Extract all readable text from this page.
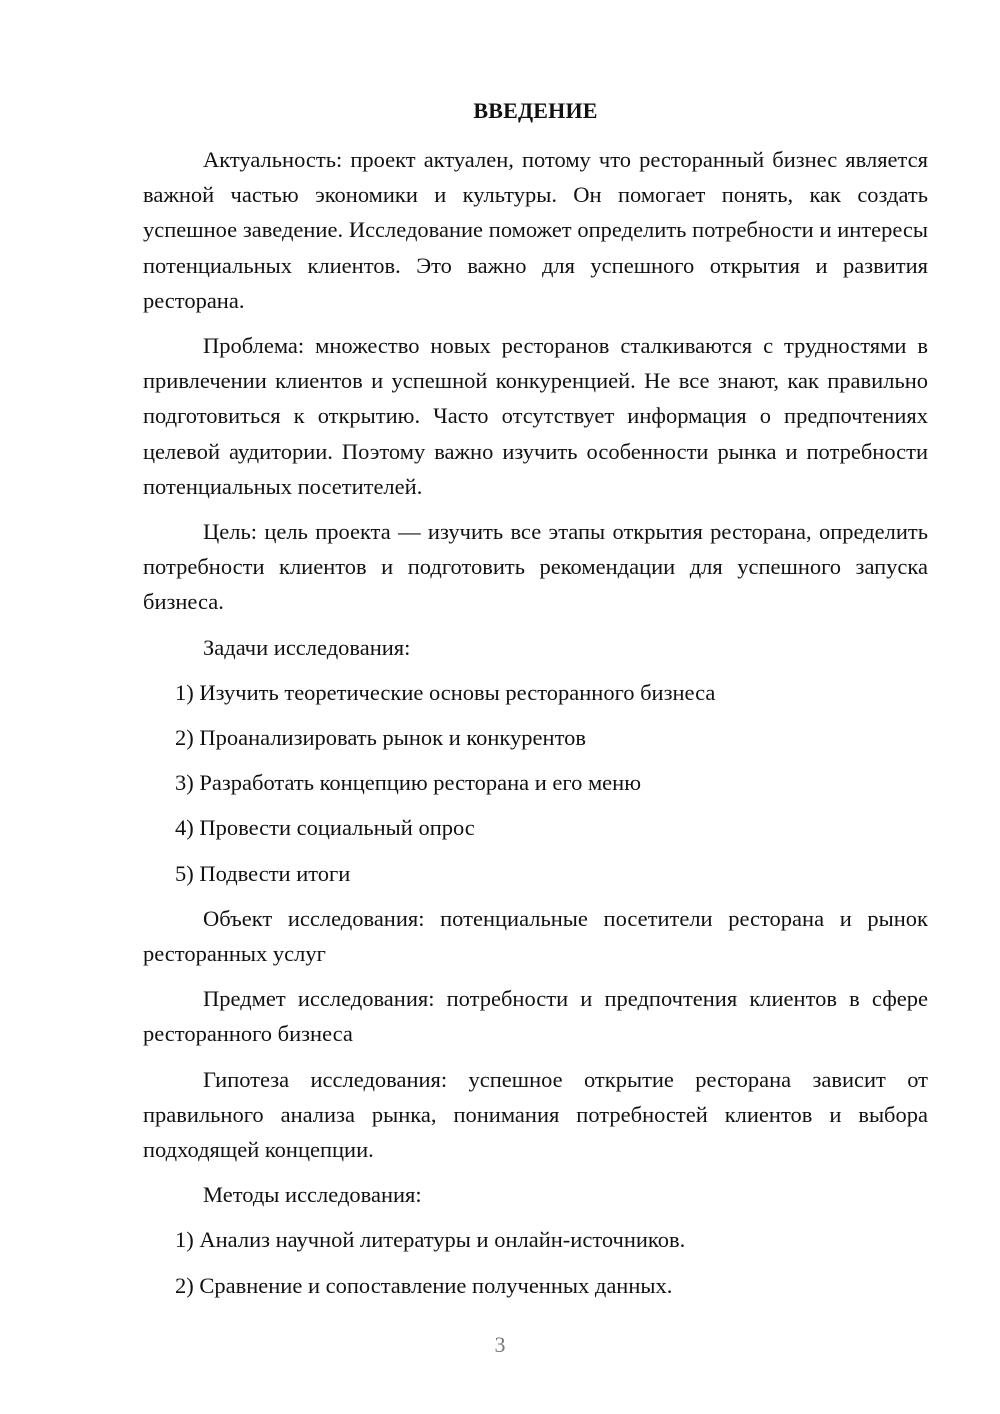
ВВЕДЕНИЕ

Актуальность: проект актуален, потому что ресторанный бизнес является важной частью экономики и культуры. Он помогает понять, как создать успешное заведение. Исследование поможет определить потребности и интересы потенциальных клиентов. Это важно для успешного открытия и развития ресторана.

Проблема: множество новых ресторанов сталкиваются с трудностями в привлечении клиентов и успешной конкуренцией. Не все знают, как правильно подготовиться к открытию. Часто отсутствует информация о предпочтениях целевой аудитории. Поэтому важно изучить особенности рынка и потребности потенциальных посетителей.

Цель: цель проекта — изучить все этапы открытия ресторана, определить потребности клиентов и подготовить рекомендации для успешного запуска бизнеса.

Задачи исследования:

1) Изучить теоретические основы ресторанного бизнеса
2) Проанализировать рынок и конкурентов
3) Разработать концепцию ресторана и его меню
4) Провести социальный опрос
5) Подвести итоги

Объект исследования: потенциальные посетители ресторана и рынок ресторанных услуг

Предмет исследования: потребности и предпочтения клиентов в сфере ресторанного бизнеса

Гипотеза исследования: успешное открытие ресторана зависит от правильного анализа рынка, понимания потребностей клиентов и выбора подходящей концепции.

Методы исследования:

1) Анализ научной литературы и онлайн-источников.
2) Сравнение и сопоставление полученных данных.
3
